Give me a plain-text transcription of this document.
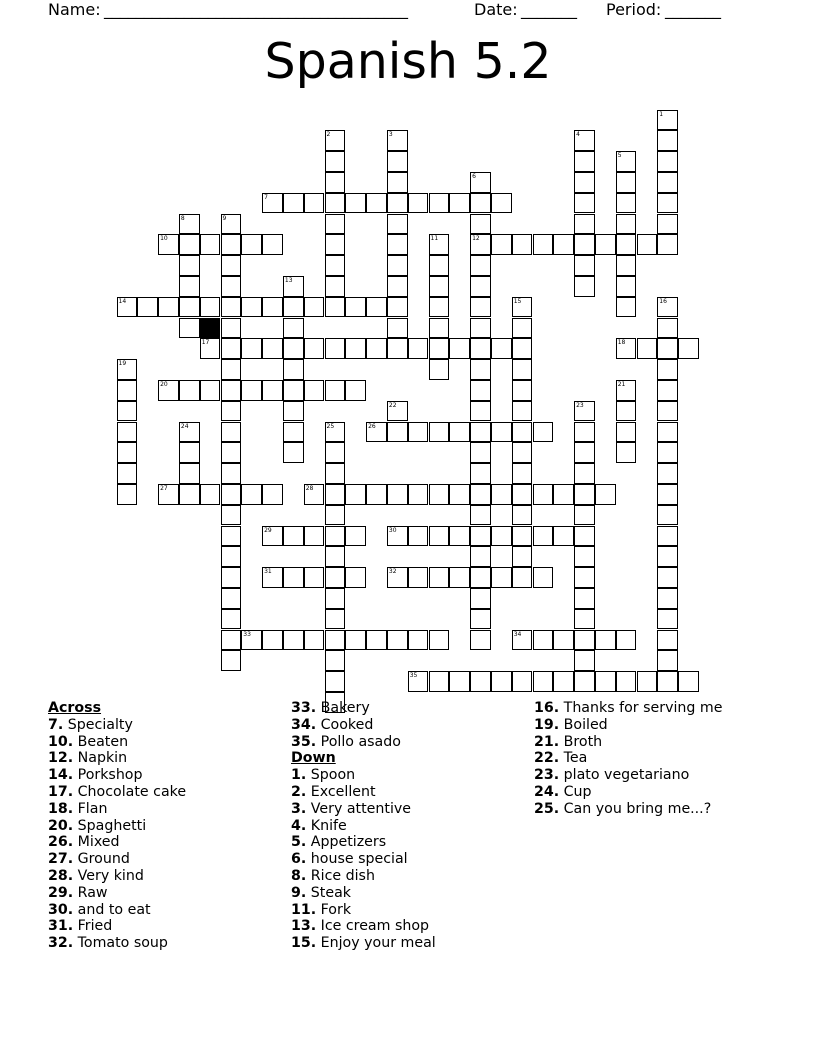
Name: ______________________________________	Date: _______ Period: _______
Spanish 5.2
7
10	12
14
17	18
20
26
27	28
29	30
31	32
33	34
35
1
2	3	4
5
6
8	9
11
13
15	16
19
21
22	23
24	25
Across
7. Specialty
10. Beaten
12. Napkin
14. Porkshop
17. Chocolate cake
18. Flan
20. Spaghetti
26. Mixed
27. Ground
28. Very kind
29. Raw
30. and to eat
31. Fried
32. Tomato soup
33. Bakery
34. Cooked
35. Pollo asado
Down
1. Spoon
2. Excellent
3. Very attentive
4. Knife
5. Appetizers
6. house special
8. Rice dish
9. Steak
11. Fork
13. Ice cream shop
15. Enjoy your meal
16. Thanks for serving me
19. Boiled
21. Broth
22. Tea
23. plato vegetariano
24. Cup
25. Can you bring me...?
